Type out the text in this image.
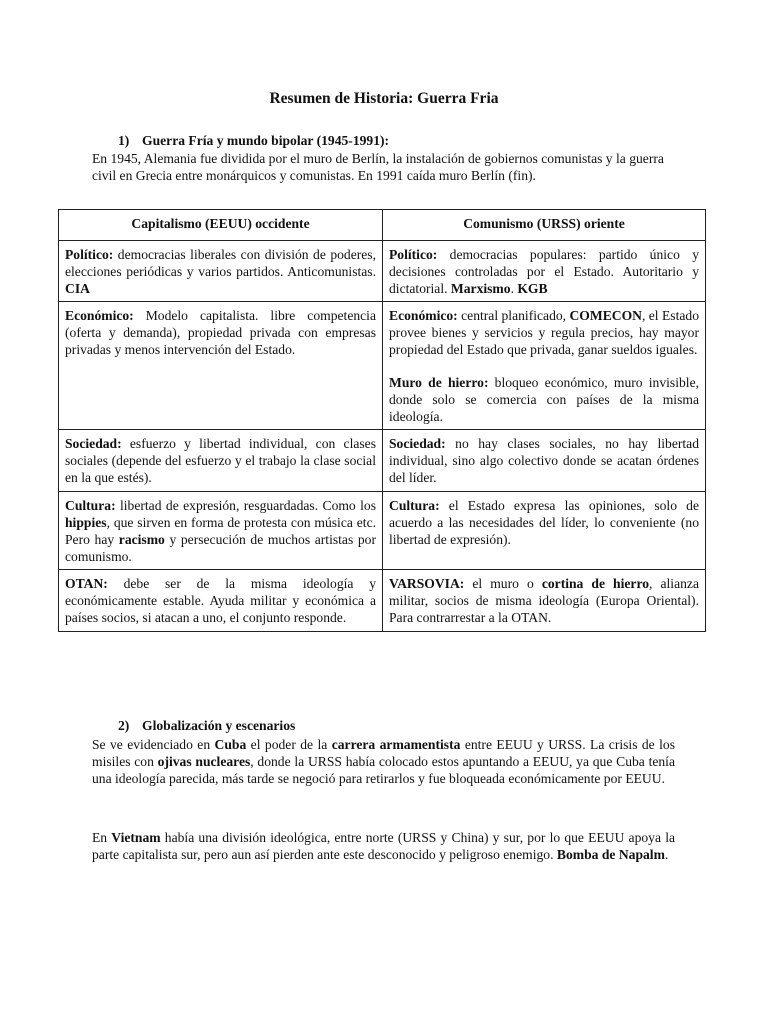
Resumen de Historia: Guerra Fria
1) Guerra Fría y mundo bipolar (1945-1991):

En 1945, Alemania fue dividida por el muro de Berlín, la instalación de gobiernos comunistas y la guerra civil en Grecia entre monárquicos y comunistas. En 1991 caída muro Berlín (fin).

Capitalismo (EEUU) occidente	Comunismo (URSS) oriente
Político: democracias liberales con división de poderes, elecciones periódicas y varios partidos. Anticomunistas. CIA	Político: democracias populares: partido único y decisiones controladas por el Estado. Autoritario y dictatorial. Marxismo. KGB
Económico: Modelo capitalista. libre competencia (oferta y demanda), propiedad privada con empresas privadas y menos intervención del Estado.	Económico: central planificado, COMECON, el Estado provee bienes y servicios y regula precios, hay mayor propiedad del Estado que privada, ganar sueldos iguales.

Muro de hierro: bloqueo económico, muro invisible, donde solo se comercia con países de la misma ideología.

Sociedad: esfuerzo y libertad individual, con clases sociales (depende del esfuerzo y el trabajo la clase social en la que estés).	Sociedad: no hay clases sociales, no hay libertad individual, sino algo colectivo donde se acatan órdenes del líder.
Cultura: libertad de expresión, resguardadas. Como los hippies, que sirven en forma de protesta con música etc. Pero hay racismo y persecución de muchos artistas por comunismo.	Cultura: el Estado expresa las opiniones, solo de acuerdo a las necesidades del líder, lo conveniente (no libertad de expresión).
OTAN: debe ser de la misma ideología y económicamente estable. Ayuda militar y económica a países socios, si atacan a uno, el conjunto responde.	VARSOVIA: el muro o cortina de hierro, alianza militar, socios de misma ideología (Europa Oriental). Para contrarrestar a la OTAN.
2) Globalización y escenarios

Se ve evidenciado en Cuba el poder de la carrera armamentista entre EEUU y URSS. La crisis de los misiles con ojivas nucleares, donde la URSS había colocado estos apuntando a EEUU, ya que Cuba tenía una ideología parecida, más tarde se negoció para retirarlos y fue bloqueada económicamente por EEUU.

En Vietnam había una división ideológica, entre norte (URSS y China) y sur, por lo que EEUU apoya la parte capitalista sur, pero aun así pierden ante este desconocido y peligroso enemigo. Bomba de Napalm.
